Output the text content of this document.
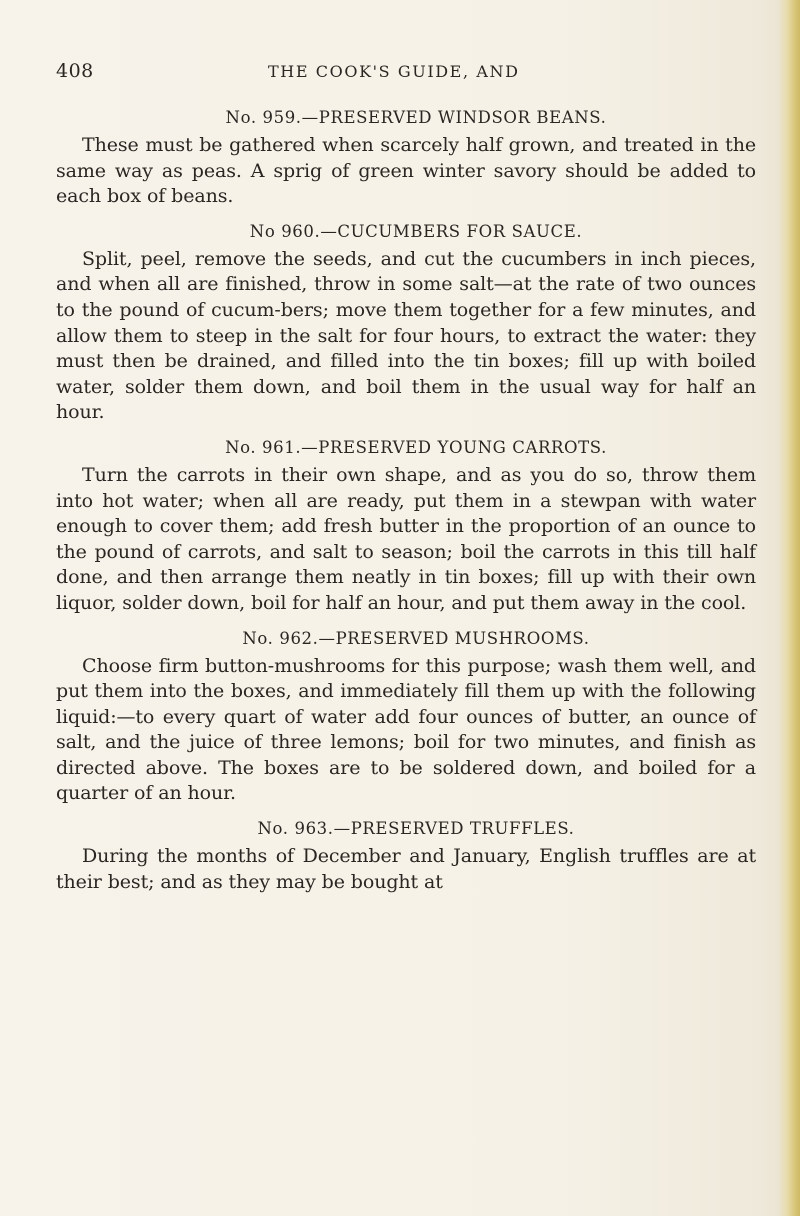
408	THE COOK'S GUIDE, AND
No. 959.—PRESERVED WINDSOR BEANS.

These must be gathered when scarcely half grown, and treated in the same way as peas. A sprig of green winter savory should be added to each box of beans.

No 960.—CUCUMBERS FOR SAUCE.

Split, peel, remove the seeds, and cut the cucumbers in inch pieces, and when all are finished, throw in some salt—at the rate of two ounces to the pound of cucum-bers; move them together for a few minutes, and allow them to steep in the salt for four hours, to extract the water: they must then be drained, and filled into the tin boxes; fill up with boiled water, solder them down, and boil them in the usual way for half an hour.

No. 961.—PRESERVED YOUNG CARROTS.

Turn the carrots in their own shape, and as you do so, throw them into hot water; when all are ready, put them in a stewpan with water enough to cover them; add fresh butter in the proportion of an ounce to the pound of carrots, and salt to season; boil the carrots in this till half done, and then arrange them neatly in tin boxes; fill up with their own liquor, solder down, boil for half an hour, and put them away in the cool.

No. 962.—PRESERVED MUSHROOMS.

Choose firm button-mushrooms for this purpose; wash them well, and put them into the boxes, and immediately fill them up with the following liquid:—to every quart of water add four ounces of butter, an ounce of salt, and the juice of three lemons; boil for two minutes, and finish as directed above. The boxes are to be soldered down, and boiled for a quarter of an hour.

No. 963.—PRESERVED TRUFFLES.

During the months of December and January, English truffles are at their best; and as they may be bought at
